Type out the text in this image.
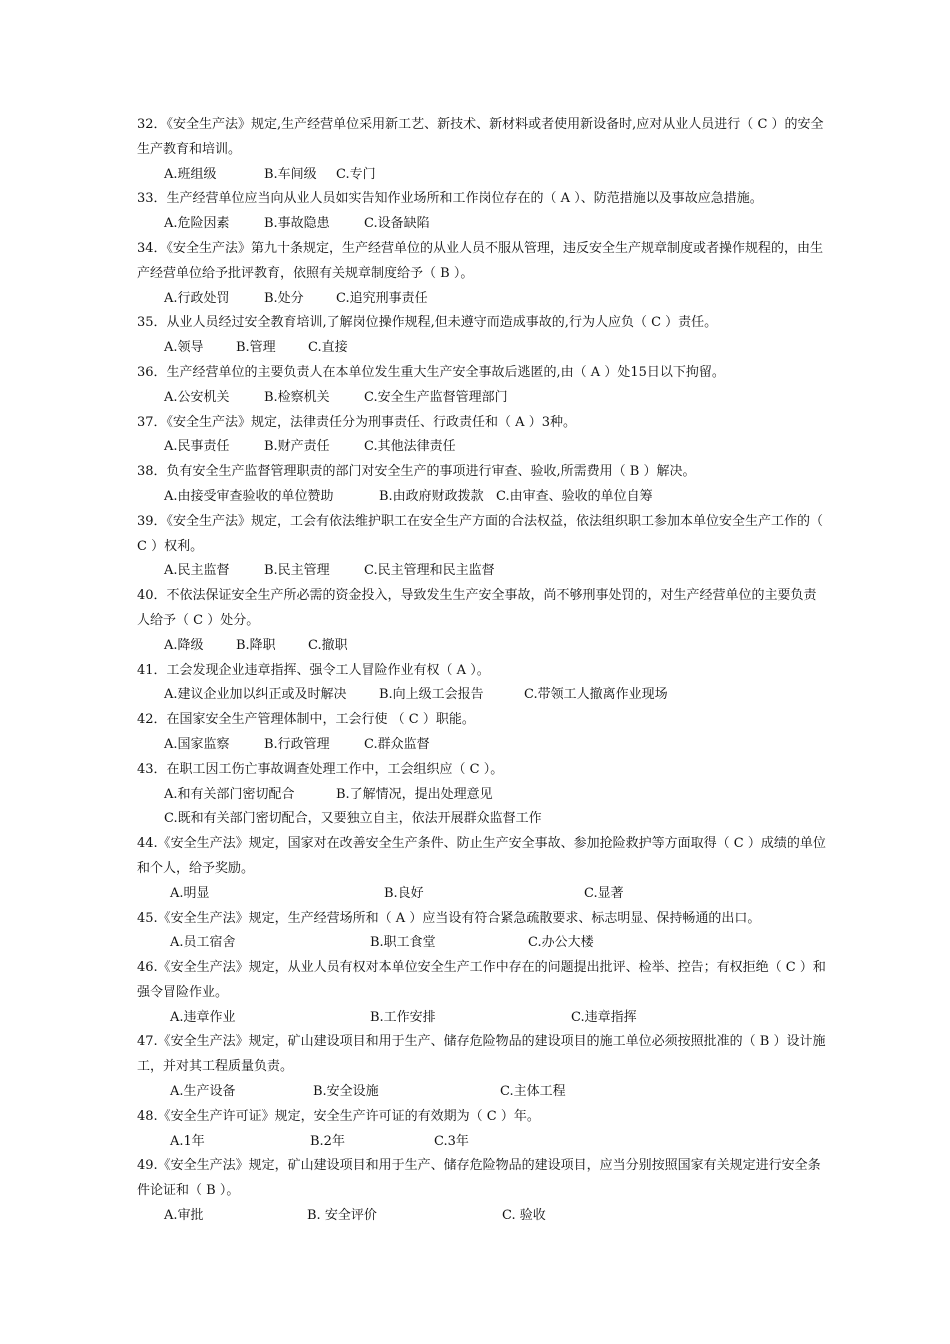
32．《安全生产法》规定,生产经营单位采用新工艺、新技术、新材料或者使用新设备时,应对从业人员进行（ C ）的安全生产教育和培训。

A.班组级	B.车间级 C.专门

33．生产经营单位应当向从业人员如实告知作业场所和工作岗位存在的（ A ）、防范措施以及事故应急措施。

A.危险因素	B.事故隐患	C.设备缺陷

34．《安全生产法》第九十条规定，生产经营单位的从业人员不服从管理，违反安全生产规章制度或者操作规程的，由生产经营单位给予批评教育，依照有关规章制度给予（ B ）。

A.行政处罚	B.处分 C.追究刑事责任

35．从业人员经过安全教育培训,了解岗位操作规程,但未遵守而造成事故的,行为人应负（ C ）责任。

A.领导 B.管理 C.直接

36．生产经营单位的主要负责人在本单位发生重大生产安全事故后逃匿的,由（ A ）处15日以下拘留。

A.公安机关	B.检察机关	C.安全生产监督管理部门

37．《安全生产法》规定，法律责任分为刑事责任、行政责任和（ A ）3种。

A.民事责任	B.财产责任	C.其他法律责任

38．负有安全生产监督管理职责的部门对安全生产的事项进行审查、验收,所需费用（ B ）解决。

A.由接受审查验收的单位赞助	B.由政府财政拨款 C.由审查、验收的单位自筹

39．《安全生产法》规定，工会有依法维护职工在安全生产方面的合法权益，依法组织职工参加本单位安全生产工作的（ C ）权利。

A.民主监督	B.民主管理	C.民主管理和民主监督

40．不依法保证安全生产所必需的资金投入，导致发生生产安全事故，尚不够刑事处罚的，对生产经营单位的主要负责人给予（ C ）处分。

A.降级 B.降职 C.撤职

41．工会发现企业违章指挥、强令工人冒险作业有权（ A ）。

A.建议企业加以纠正或及时解决 B.向上级工会报告	C.带领工人撤离作业现场

42．在国家安全生产管理体制中，工会行使 （ C ）职能。

A.国家监察	B.行政管理	C.群众监督

43．在职工因工伤亡事故调查处理工作中，工会组织应（ C ）。

A.和有关部门密切配合	B.了解情况，提出处理意见
C.既和有关部门密切配合，又要独立自主，依法开展群众监督工作

44.《安全生产法》规定，国家对在改善安全生产条件、防止生产安全事故、参加抢险救护等方面取得（ C ）成绩的单位和个人，给予奖励。

A.明显	B.良好	C.显著

45.《安全生产法》规定，生产经营场所和（ A ）应当设有符合紧急疏散要求、标志明显、保持畅通的出口。

A.员工宿舍	B.职工食堂	C.办公大楼

46.《安全生产法》规定，从业人员有权对本单位安全生产工作中存在的问题提出批评、检举、控告；有权拒绝（ C ）和强令冒险作业。

A.违章作业	B.工作安排	C.违章指挥

47.《安全生产法》规定，矿山建设项目和用于生产、储存危险物品的建设项目的施工单位必须按照批准的（ B ）设计施工，并对其工程质量负责。

A.生产设备	B.安全设施	C.主体工程

48.《安全生产许可证》规定，安全生产许可证的有效期为（ C ）年。

A.1年	B.2年	C.3年

49.《安全生产法》规定，矿山建设项目和用于生产、储存危险物品的建设项目，应当分别按照国家有关规定进行安全条件论证和（ B ）。

A.审批	B. 安全评价	C. 验收
